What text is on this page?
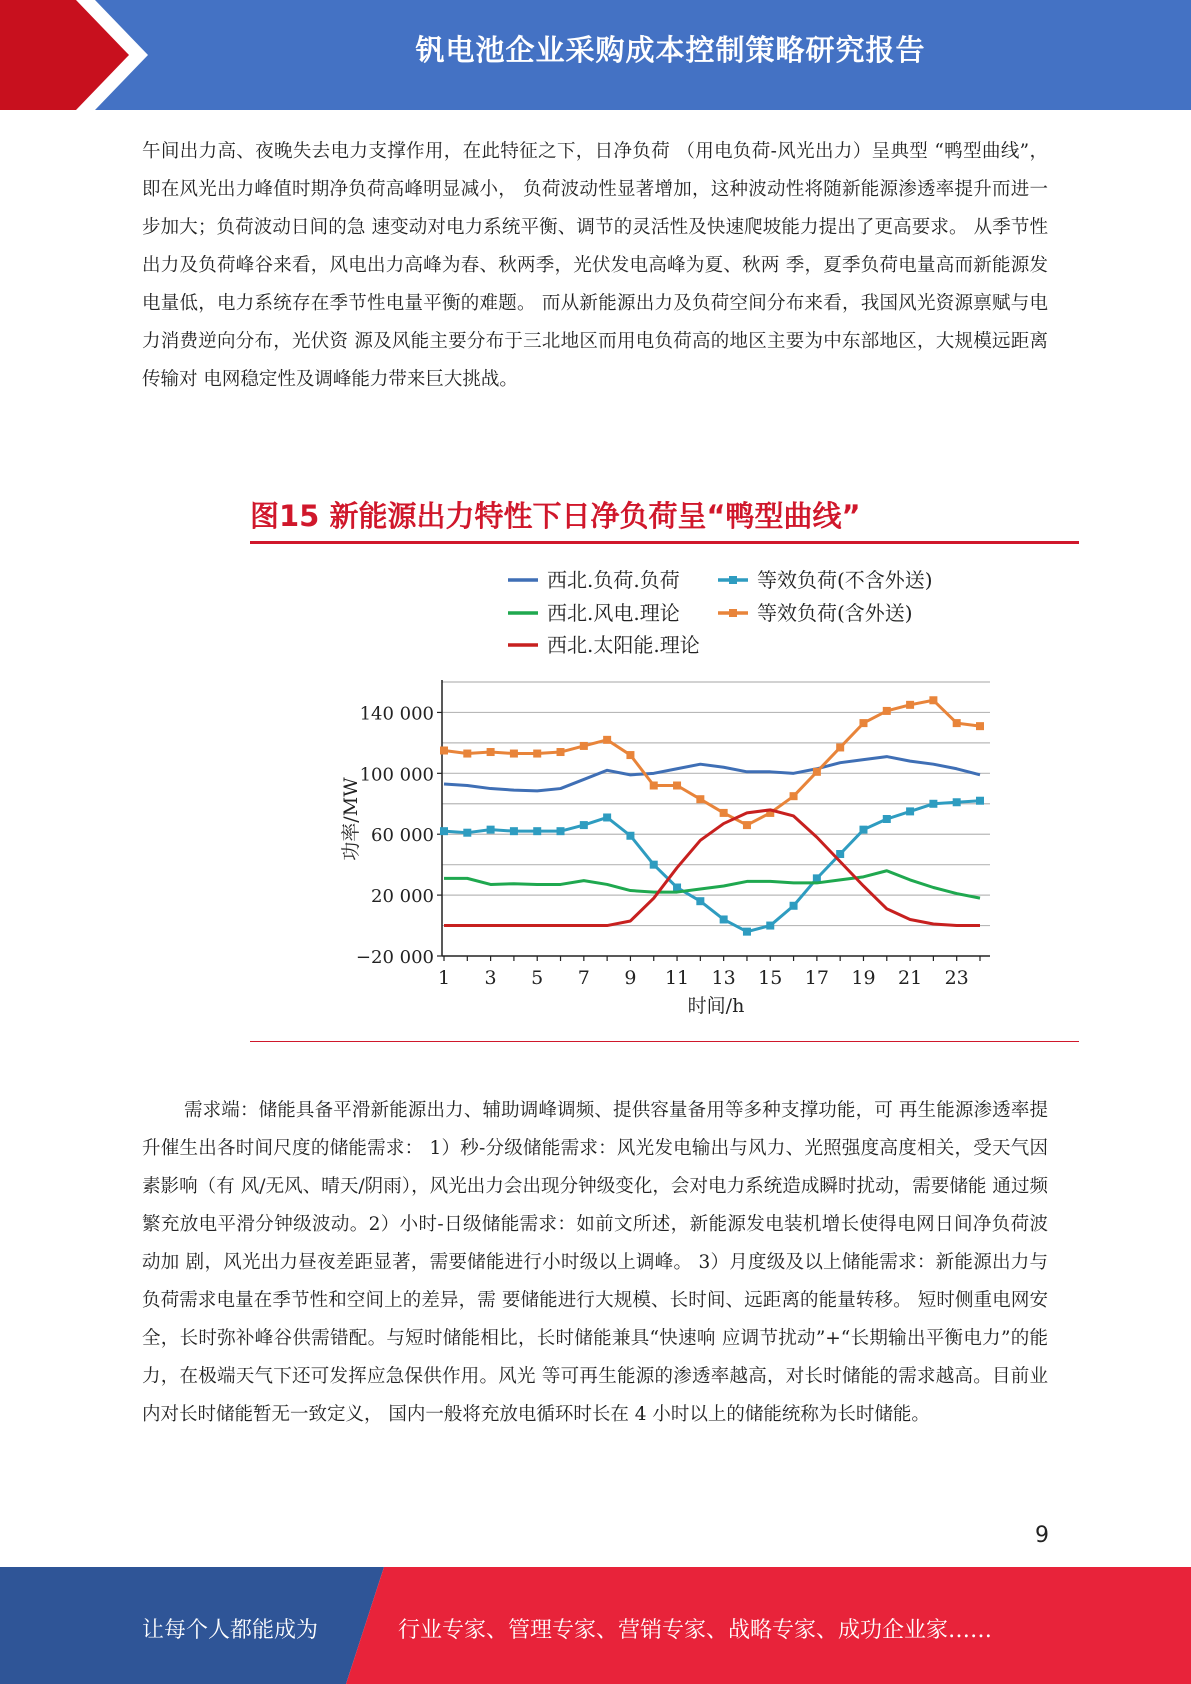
钒电池企业采购成本控制策略研究报告

午间出力高、夜晚失去电力支撑作用，在此特征之下，日净负荷 （用电负荷-风光出力）呈典型 “鸭型曲线”，即在风光出力峰值时期净负荷高峰明显减小， 负荷波动性显著增加，这种波动性将随新能源渗透率提升而进一步加大；负荷波动日间的急 速变动对电力系统平衡、调节的灵活性及快速爬坡能力提出了更高要求。 从季节性出力及负荷峰谷来看，风电出力高峰为春、秋两季，光伏发电高峰为夏、秋两 季，夏季负荷电量高而新能源发电量低，电力系统存在季节性电量平衡的难题。 而从新能源出力及负荷空间分布来看，我国风光资源禀赋与电力消费逆向分布，光伏资 源及风能主要分布于三北地区而用电负荷高的地区主要为中东部地区，大规模远距离传输对 电网稳定性及调峰能力带来巨大挑战。

图15 新能源出力特性下日净负荷呈“鸭型曲线”
−20 000
20 000
60 000
100 000
140 000
1 3 5 7 9 11 13 15 17 19 21 23
时间/h
功率/MW
西北.负荷.负荷	等效负荷(不含外送)
西北.风电.理论	等效负荷(含外送)
西北.太阳能.理论

需求端：储能具备平滑新能源出力、辅助调峰调频、提供容量备用等多种支撑功能，可 再生能源渗透率提升催生出各时间尺度的储能需求： 1）秒-分级储能需求：风光发电输出与风力、光照强度高度相关，受天气因素影响（有 风/无风、晴天/阴雨），风光出力会出现分钟级变化，会对电力系统造成瞬时扰动，需要储能 通过频繁充放电平滑分钟级波动。2）小时-日级储能需求：如前文所述，新能源发电装机增长使得电网日间净负荷波动加 剧，风光出力昼夜差距显著，需要储能进行小时级以上调峰。 3）月度级及以上储能需求：新能源出力与负荷需求电量在季节性和空间上的差异，需 要储能进行大规模、长时间、远距离的能量转移。 短时侧重电网安全，长时弥补峰谷供需错配。与短时储能相比，长时储能兼具“快速响 应调节扰动”+“长期输出平衡电力”的能力，在极端天气下还可发挥应急保供作用。风光 等可再生能源的渗透率越高，对长时储能的需求越高。目前业内对长时储能暂无一致定义， 国内一般将充放电循环时长在 4 小时以上的储能统称为长时储能。

9
让每个人都能成为	行业专家、管理专家、营销专家、战略专家、成功企业家……
